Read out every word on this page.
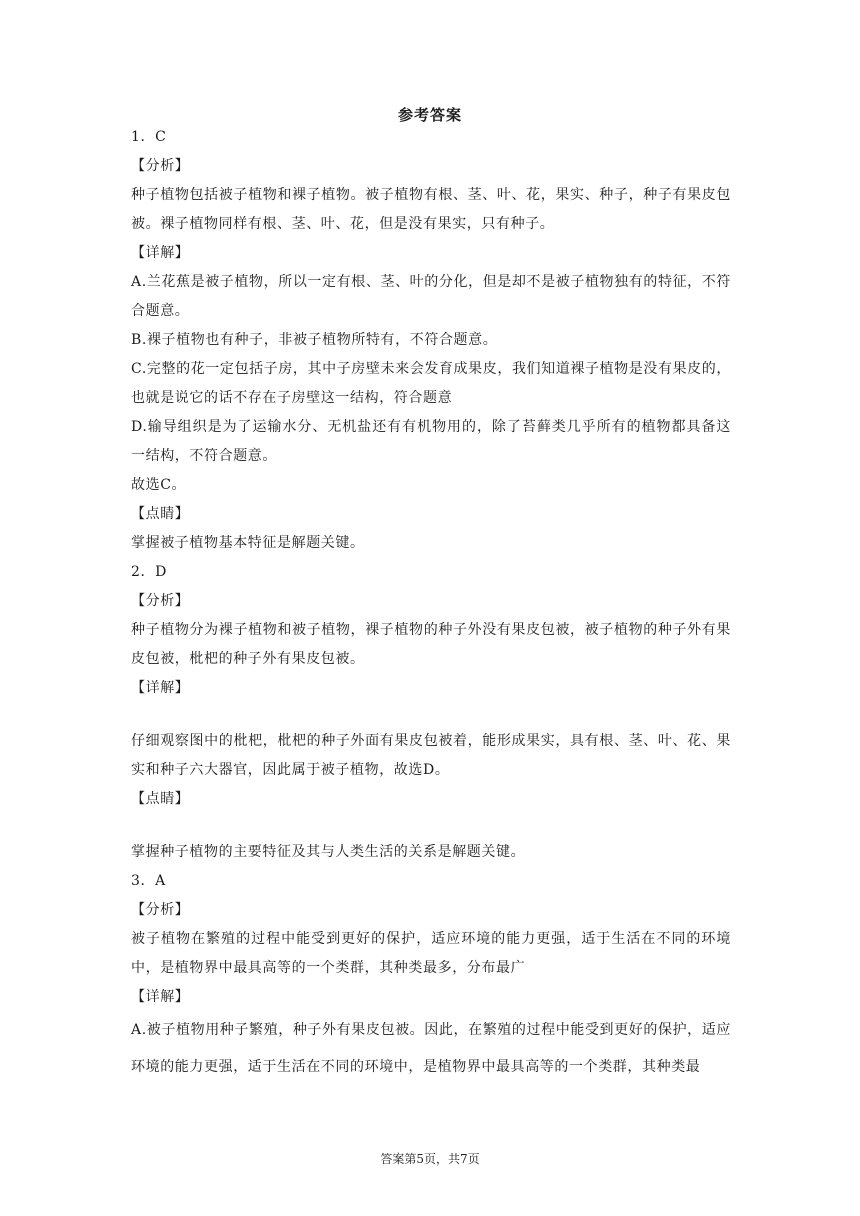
参考答案
1．C
【分析】
种子植物包括被子植物和裸子植物。被子植物有根、茎、叶、花，果实、种子，种子有果皮包被。裸子植物同样有根、茎、叶、花，但是没有果实，只有种子。
【详解】
A.兰花蕉是被子植物，所以一定有根、茎、叶的分化，但是却不是被子植物独有的特征，不符合题意。
B.裸子植物也有种子，非被子植物所特有，不符合题意。
C.完整的花一定包括子房，其中子房壁未来会发育成果皮，我们知道裸子植物是没有果皮的，也就是说它的话不存在子房壁这一结构，符合题意
D.输导组织是为了运输水分、无机盐还有有机物用的，除了苔藓类几乎所有的植物都具备这一结构，不符合题意。
故选C。
【点睛】
掌握被子植物基本特征是解题关键。
2．D
【分析】
种子植物分为裸子植物和被子植物，裸子植物的种子外没有果皮包被，被子植物的种子外有果皮包被，枇杷的种子外有果皮包被。
【详解】
仔细观察图中的枇杷，枇杷的种子外面有果皮包被着，能形成果实，具有根、茎、叶、花、果实和种子六大器官，因此属于被子植物，故选D。
【点睛】
掌握种子植物的主要特征及其与人类生活的关系是解题关键。
3．A
【分析】
被子植物在繁殖的过程中能受到更好的保护，适应环境的能力更强，适于生活在不同的环境中，是植物界中最具高等的一个类群，其种类最多，分布最广
【详解】
A.被子植物用种子繁殖，种子外有果皮包被。因此，在繁殖的过程中能受到更好的保护，适应环境的能力更强，适于生活在不同的环境中，是植物界中最具高等的一个类群，其种类最
答案第5页，共7页
